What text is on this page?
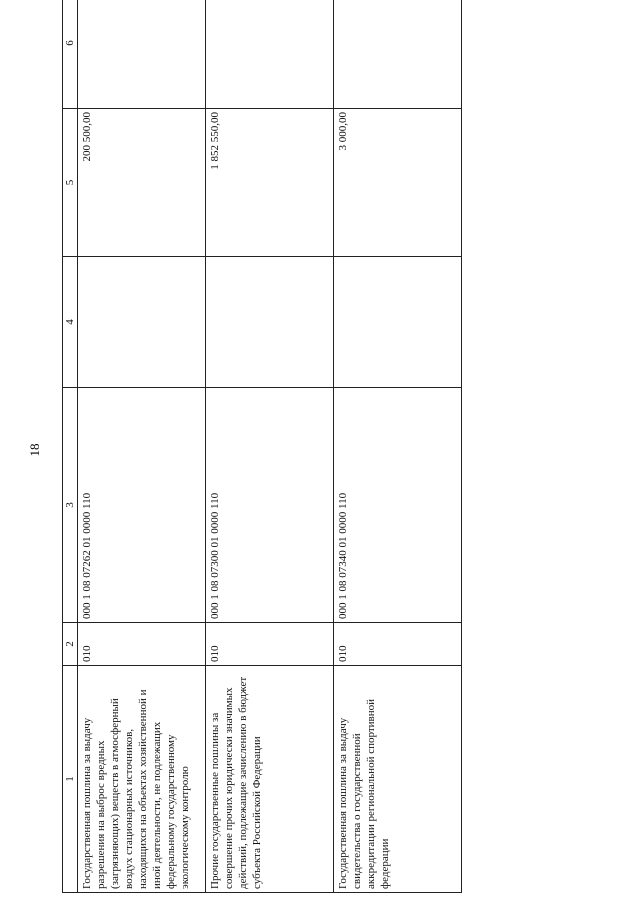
18
1	2	3	4	5	6
Государственная пошлина за выдачу разрешения на выброс вредных (загрязняющих) веществ в атмосферный воздух стационарных источников, находящихся на объектах хозяйственной и иной деятельности, не подлежащих федеральному государственному экологическому контролю	010	000 1 08 07262 01 0000 110		200 500,00	
Прочие государственные пошлины за совершение прочих юридически значимых действий, подлежащие зачислению в бюджет субъекта Российской Федерации	010	000 1 08 07300 01 0000 110		1 852 550,00	
Государственная пошлина за выдачу свидетельства о государственной аккредитации региональной спортивной федерации	010	000 1 08 07340 01 0000 110		3 000,00	
